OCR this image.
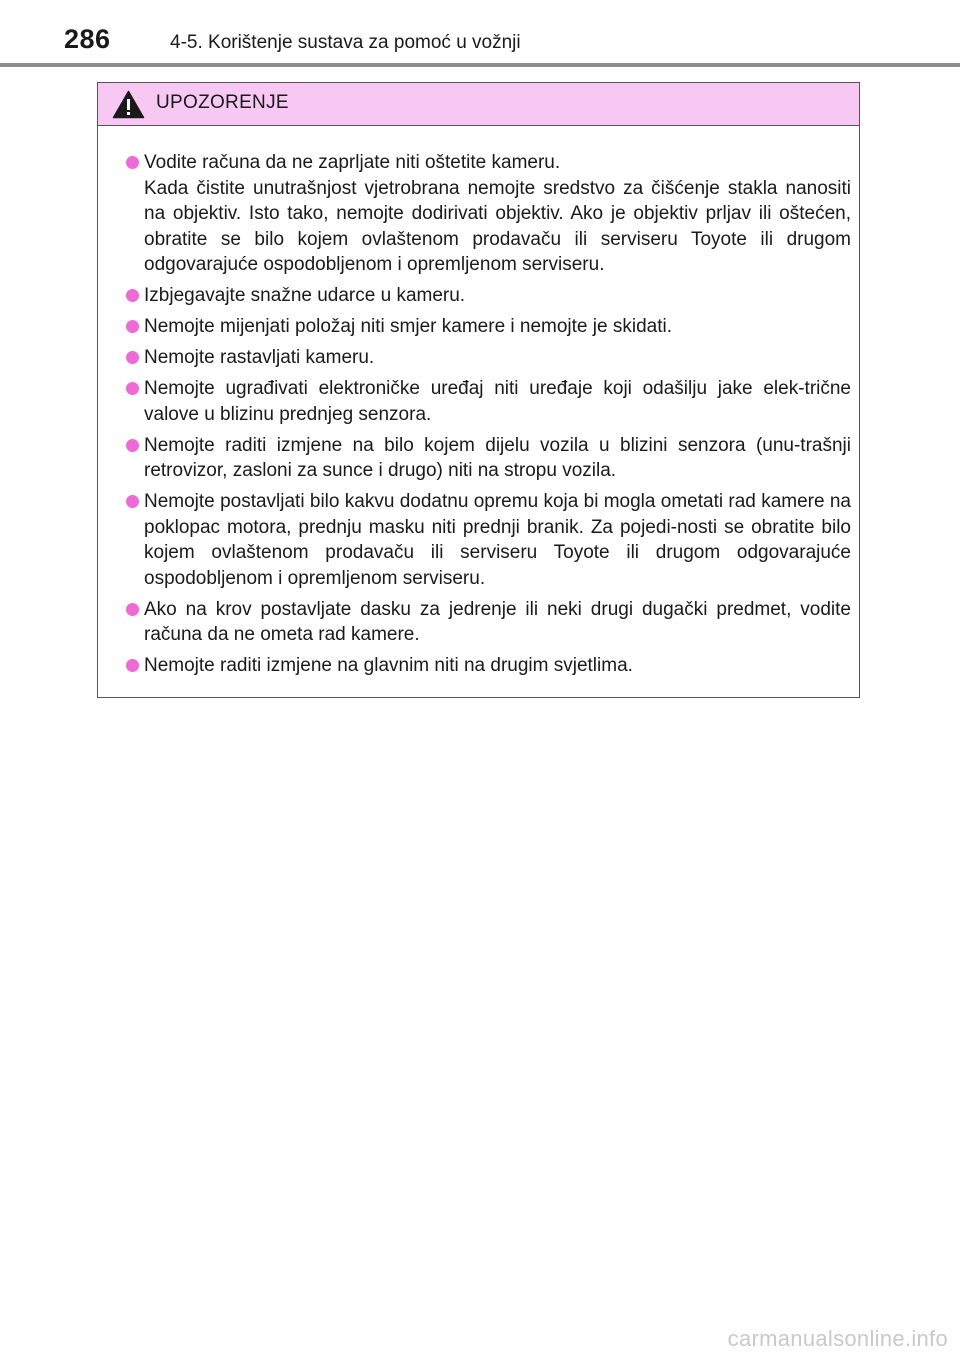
286	4-5. Korištenje sustava za pomoć u vožnji
UPOZORENJE
Vodite računa da ne zaprljate niti oštetite kameru.
Kada čistite unutrašnjost vjetrobrana nemojte sredstvo za čišćenje stakla nanositi na objektiv. Isto tako, nemojte dodirivati objektiv. Ako je objektiv prljav ili oštećen, obratite se bilo kojem ovlaštenom prodavaču ili serviseru Toyote ili drugom odgovarajuće ospodobljenom i opremljenom serviseru.
Izbjegavajte snažne udarce u kameru.
Nemojte mijenjati položaj niti smjer kamere i nemojte je skidati.
Nemojte rastavljati kameru.
Nemojte ugrađivati elektroničke uređaj niti uređaje koji odašilju jake elek-trične valove u blizinu prednjeg senzora.
Nemojte raditi izmjene na bilo kojem dijelu vozila u blizini senzora (unu-trašnji retrovizor, zasloni za sunce i drugo) niti na stropu vozila.
Nemojte postavljati bilo kakvu dodatnu opremu koja bi mogla ometati rad kamere na poklopac motora, prednju masku niti prednji branik. Za pojedi-nosti se obratite bilo kojem ovlaštenom prodavaču ili serviseru Toyote ili drugom odgovarajuće ospodobljenom i opremljenom serviseru.
Ako na krov postavljate dasku za jedrenje ili neki drugi dugački predmet, vodite računa da ne ometa rad kamere.
Nemojte raditi izmjene na glavnim niti na drugim svjetlima.
carmanualsonline.info
